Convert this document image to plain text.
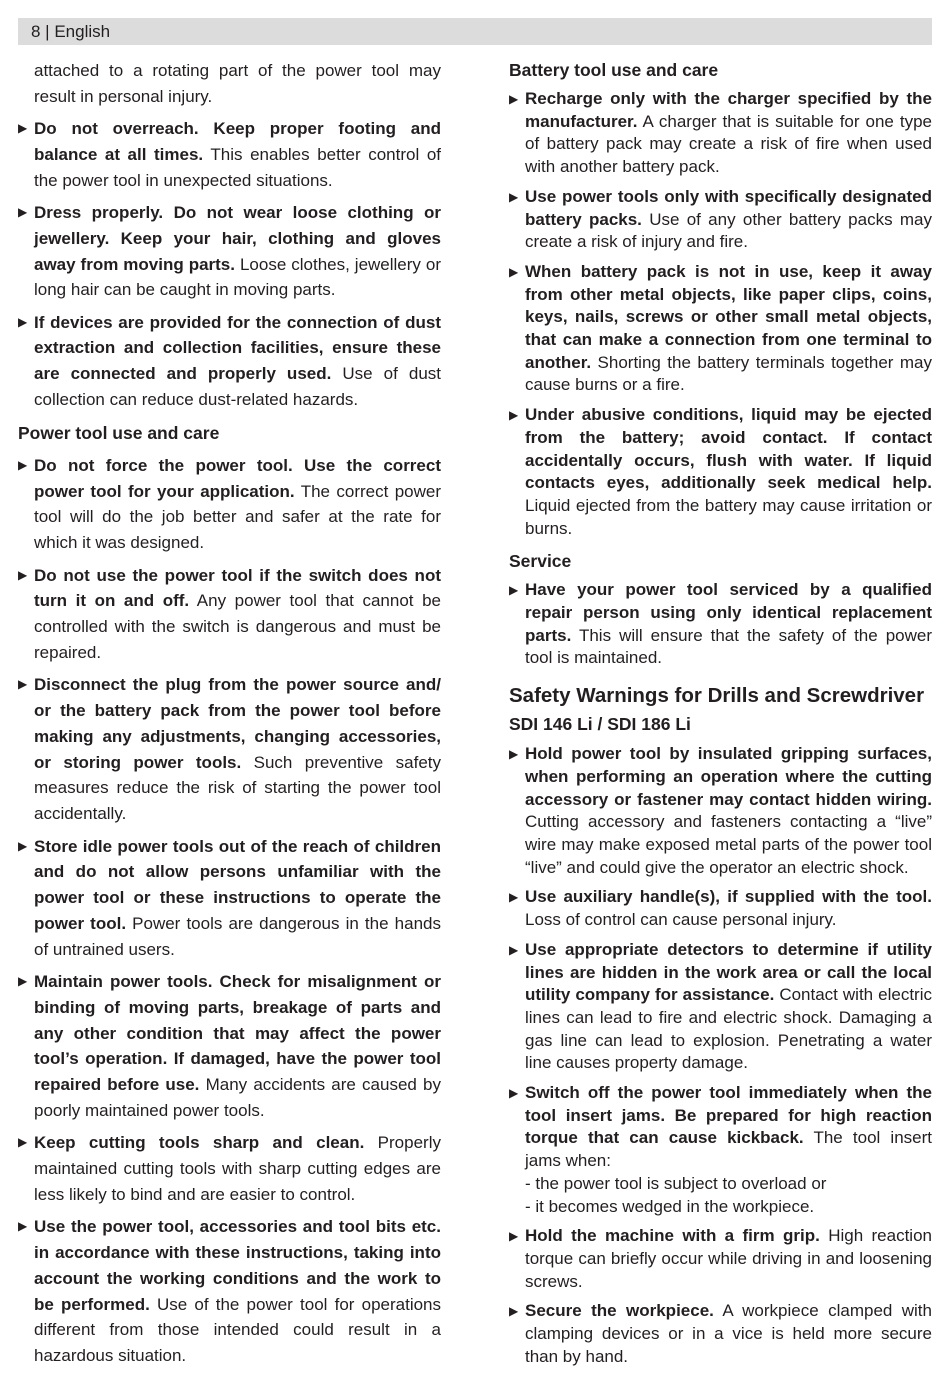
8 | English
attached to a rotating part of the power tool may result in personal injury.
▶ Do not overreach. Keep proper footing and balance at all times. This enables better control of the power tool in unexpected situations.
▶ Dress properly. Do not wear loose clothing or jewellery. Keep your hair, clothing and gloves away from moving parts. Loose clothes, jewellery or long hair can be caught in moving parts.
▶ If devices are provided for the connection of dust extraction and collection facilities, ensure these are connected and properly used. Use of dust collection can reduce dust-related hazards.
Power tool use and care
▶ Do not force the power tool. Use the correct power tool for your application. The correct power tool will do the job better and safer at the rate for which it was designed.
▶ Do not use the power tool if the switch does not turn it on and off. Any power tool that cannot be controlled with the switch is dangerous and must be repaired.
▶ Disconnect the plug from the power source and/ or the battery pack from the power tool before making any adjustments, changing accessories, or storing power tools. Such preventive safety measures reduce the risk of starting the power tool accidentally.
▶ Store idle power tools out of the reach of children and do not allow persons unfamiliar with the power tool or these instructions to operate the power tool. Power tools are dangerous in the hands of untrained users.
▶ Maintain power tools. Check for misalignment or binding of moving parts, breakage of parts and any other condition that may affect the power tool’s operation. If damaged, have the power tool repaired before use. Many accidents are caused by poorly maintained power tools.
▶ Keep cutting tools sharp and clean. Properly maintained cutting tools with sharp cutting edges are less likely to bind and are easier to control.
▶ Use the power tool, accessories and tool bits etc. in accordance with these instructions, taking into account the working conditions and the work to be performed. Use of the power tool for operations different from those intended could result in a hazardous situation.
Battery tool use and care
▶ Recharge only with the charger specified by the manufacturer. A charger that is suitable for one type of battery pack may create a risk of fire when used with another battery pack.
▶ Use power tools only with specifically designated battery packs. Use of any other battery packs may create a risk of injury and fire.
▶ When battery pack is not in use, keep it away from other metal objects, like paper clips, coins, keys, nails, screws or other small metal objects, that can make a connection from one terminal to another. Shorting the battery terminals together may cause burns or a fire.
▶ Under abusive conditions, liquid may be ejected from the battery; avoid contact. If contact accidentally occurs, flush with water. If liquid contacts eyes, additionally seek medical help. Liquid ejected from the battery may cause irritation or burns.
Service
▶ Have your power tool serviced by a qualified repair person using only identical replacement parts. This will ensure that the safety of the power tool is maintained.
Safety Warnings for Drills and Screwdriver
SDI 146 Li / SDI 186 Li
▶ Hold power tool by insulated gripping surfaces, when performing an operation where the cutting accessory or fastener may contact hidden wiring. Cutting accessory and fasteners contacting a “live” wire may make exposed metal parts of the power tool “live” and could give the operator an electric shock.
▶ Use auxiliary handle(s), if supplied with the tool. Loss of control can cause personal injury.
▶ Use appropriate detectors to determine if utility lines are hidden in the work area or call the local utility company for assistance. Contact with electric lines can lead to fire and electric shock. Damaging a gas line can lead to explosion. Penetrating a water line causes property damage.
▶ Switch off the power tool immediately when the tool insert jams. Be prepared for high reaction torque that can cause kickback. The tool insert jams when:
- the power tool is subject to overload or
- it becomes wedged in the workpiece.
▶ Hold the machine with a firm grip. High reaction torque can briefly occur while driving in and loosening screws.
▶ Secure the workpiece. A workpiece clamped with clamping devices or in a vice is held more secure than by hand.
